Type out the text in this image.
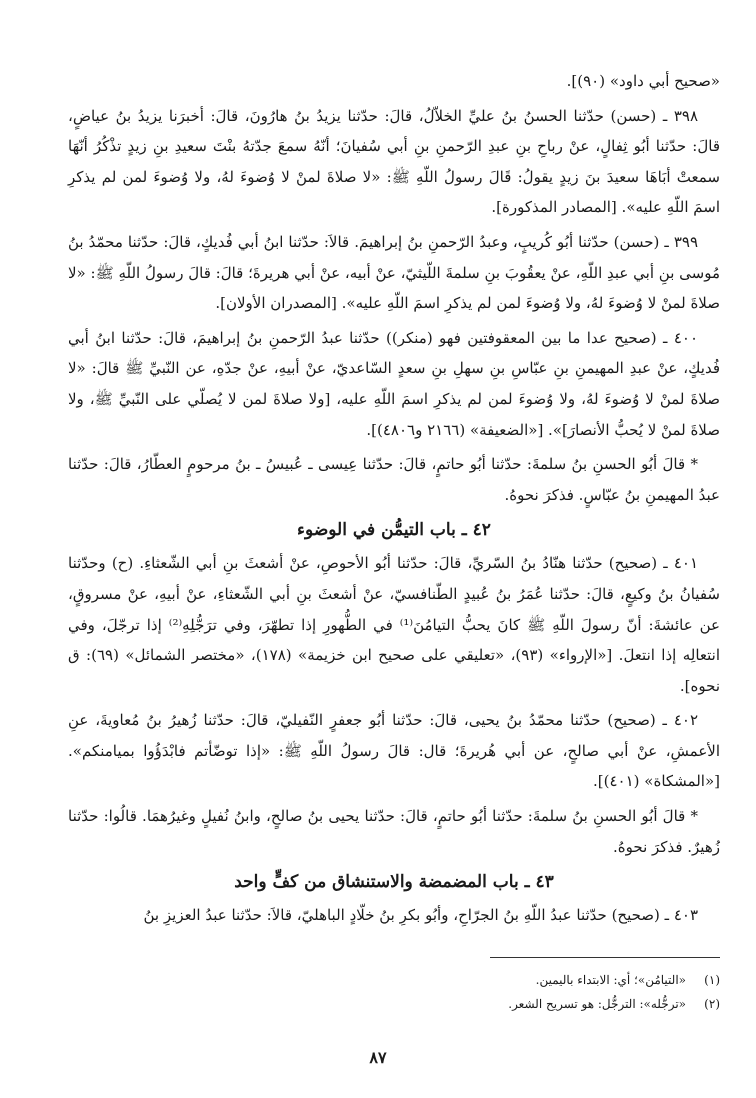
«صحيح أبي داود» (٩٠)].

٣٩٨ ـ (حسن) حدّثنا الحسنُ بنُ عليِّ الخلاّلُ، قالَ: حدّثنا يزيدُ بنُ هارُونَ، قالَ: أخبرَنا يزيدُ بنُ عياضٍ، قالَ: حدّثنا أبُو ثِفالٍ، عنْ رباحِ بنِ عبدِ الرّحمنِ بنِ أبي سُفيانَ؛ أنّهُ سمعَ جدّتهُ بنْتَ سعيدِ بنِ زيدٍ تذْكُرُ أنّهَا سمعتْ أبَاهَا سعيدَ بنَ زيدٍ يقولُ: قَالَ رسولُ اللّهِ ﷺ: «لا صلاةَ لمنْ لا وُضوءَ لهُ، ولا وُضوءَ لمن لم يذكرِ اسمَ اللّهِ عليه». [المصادر المذكورة].

٣٩٩ ـ (حسن) حدّثنا أبُو كُريبٍ، وعبدُ الرّحمنِ بنُ إبراهيمَ. قالاَ: حدّثنا ابنُ أبي فُديكٍ، قالَ: حدّثنا محمّدُ بنُ مُوسى بنِ أبي عبدِ اللّهِ، عنْ يعقُوبَ بنِ سلمةَ اللّيثيّ، عنْ أبيه، عنْ أبي هريرةَ؛ قالَ: قالَ رسولُ اللّهِ ﷺ: «لا صلاةَ لمنْ لا وُضوءَ لهُ، ولا وُضوءَ لمن لم يذكرِ اسمَ اللّهِ عليه». [المصدران الأولان].

٤٠٠ ـ (صحيح عدا ما بين المعقوفتين فهو (منكر)) حدّثنا عبدُ الرّحمنِ بنُ إبراهيمَ، قالَ: حدّثنا ابنُ أبي فُديكٍ، عنْ عبدِ المهيمنِ بنِ عبّاسِ بنِ سهلِ بنِ سعدٍ السّاعديّ، عنْ أبيهِ، عنْ جدّهِ، عن النّبيِّ ﷺ قالَ: «لا صلاةَ لمنْ لا وُضوءَ لهُ، ولا وُضوءَ لمن لم يذكرِ اسمَ اللّهِ عليه، [ولا صلاةَ لمن لا يُصلّي على النّبيِّ ﷺ، ولا صلاةَ لمنْ لا يُحبُّ الأنصارَ]». [«الضعيفة» (٢١٦٦ و٤٨٠٦)].

* قالَ أبُو الحسنِ بنُ سلمةَ: حدّثنا أبُو حاتمٍ، قالَ: حدّثنا عِيسى ـ عُبيسُ ـ بنُ مرحومٍ العطّارُ، قالَ: حدّثنا عبدُ المهيمنِ بنُ عبّاسٍ. فذكرَ نحوهُ.

٤٢ ـ باب التيمُّن في الوضوء

٤٠١ ـ (صحيح) حدّثنا هنّادُ بنُ السّريِّ، قالَ: حدّثنا أبُو الأحوصِ، عنْ أشعثَ بنِ أبي الشّعثاءِ. (ح) وحدّثنا سُفيانُ بنُ وكيعٍ، قالَ: حدّثنا عُمَرُ بنُ عُبيدٍ الطّنافسيّ، عنْ أشعثَ بنِ أبي الشّعثاءِ، عنْ أبيهِ، عنْ مسروقٍ، عن عائشةَ: أنّ رسولَ اللّهِ ﷺ كانَ يحبُّ التيامُنَ⁽¹⁾ في الطُّهورِ إذا تطهّرَ، وفي ترَجُّلِهِ⁽²⁾ إذا ترجّلَ، وفي انتعالِه إذا انتعلَ. [«الإرواء» (٩٣)، «تعليقي على صحيح ابن خزيمة» (١٧٨)، «مختصر الشمائل» (٦٩): ق نحوه].

٤٠٢ ـ (صحيح) حدّثنا محمّدُ بنُ يحيى، قالَ: حدّثنا أبُو جعفرٍ النّفيليّ، قالَ: حدّثنا زُهيرُ بنُ مُعاويةَ، عنِ الأعمشِ، عنْ أبي صالحٍ، عن أبي هُريرةَ؛ قال: قالَ رسولُ اللّهِ ﷺ: «إذا توضّأتم فابْدَؤُوا بميامنكم». [«المشكاة» (٤٠١)].

* قالَ أبُو الحسنِ بنُ سلمةَ: حدّثنا أبُو حاتمٍ، قالَ: حدّثنا يحيى بنُ صالحٍ، وابنُ نُفيلٍ وغيرُهمَا. قالُوا: حدّثنا زُهيرٌ. فذكرَ نحوهُ.

٤٣ ـ باب المضمضة والاستنشاق من كفٍّ واحد

٤٠٣ ـ (صحيح) حدّثنا عبدُ اللّهِ بنُ الجرّاحِ، وأبُو بكرِ بنُ خلّادٍ الباهليّ، قالاَ: حدّثنا عبدُ العزيزِ بنُ

(١)«التيامُن»؛ أي: الابتداء باليمين.

(٢)«ترجُّله»: الترجُّل: هو تسريح الشعر.

٨٧
